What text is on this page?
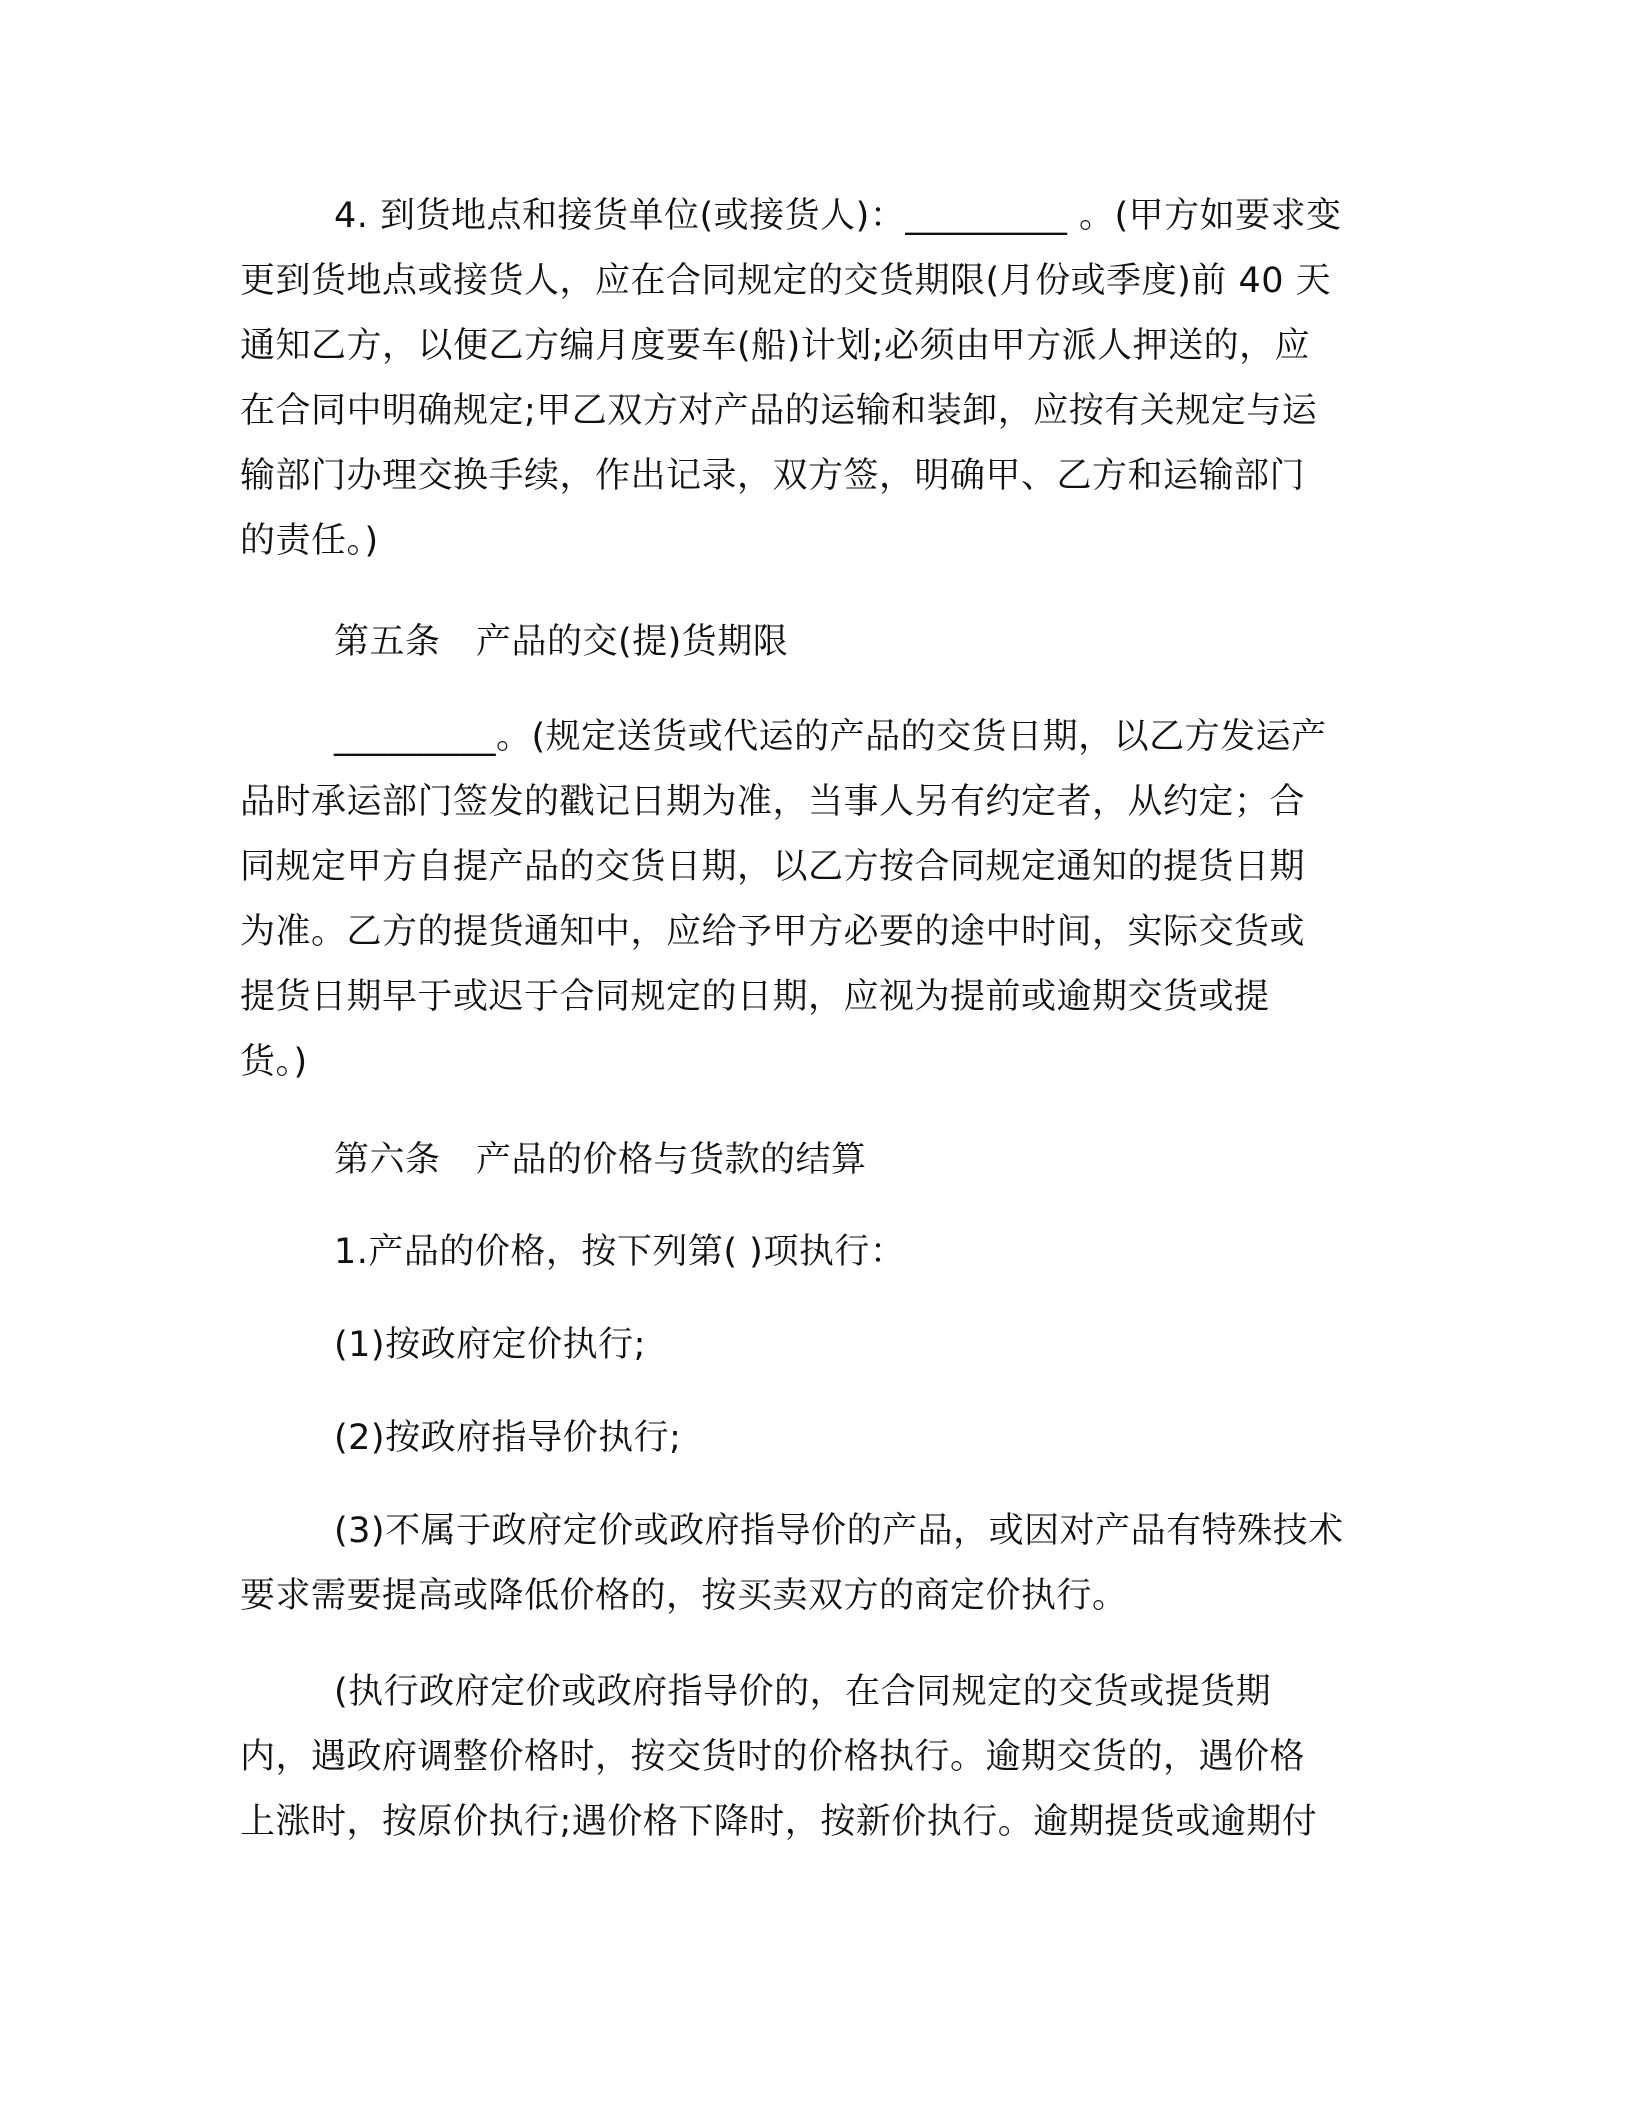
4. 到货地点和接货单位(或接货人)：_________ 。(甲方如要求变
更到货地点或接货人，应在合同规定的交货期限(月份或季度)前 40 天
通知乙方，以便乙方编月度要车(船)计划;必须由甲方派人押送的，应
在合同中明确规定;甲乙双方对产品的运输和装卸，应按有关规定与运
输部门办理交换手续，作出记录，双方签，明确甲、乙方和运输部门
的责任。)
第五条　产品的交(提)货期限
_________。(规定送货或代运的产品的交货日期，以乙方发运产
品时承运部门签发的戳记日期为准，当事人另有约定者，从约定；合
同规定甲方自提产品的交货日期，以乙方按合同规定通知的提货日期
为准。乙方的提货通知中，应给予甲方必要的途中时间，实际交货或
提货日期早于或迟于合同规定的日期，应视为提前或逾期交货或提
货。)
第六条　产品的价格与货款的结算
1.产品的价格，按下列第( )项执行：
(1)按政府定价执行;
(2)按政府指导价执行;
(3)不属于政府定价或政府指导价的产品，或因对产品有特殊技术
要求需要提高或降低价格的，按买卖双方的商定价执行。
(执行政府定价或政府指导价的，在合同规定的交货或提货期
内，遇政府调整价格时，按交货时的价格执行。逾期交货的，遇价格
上涨时，按原价执行;遇价格下降时，按新价执行。逾期提货或逾期付
